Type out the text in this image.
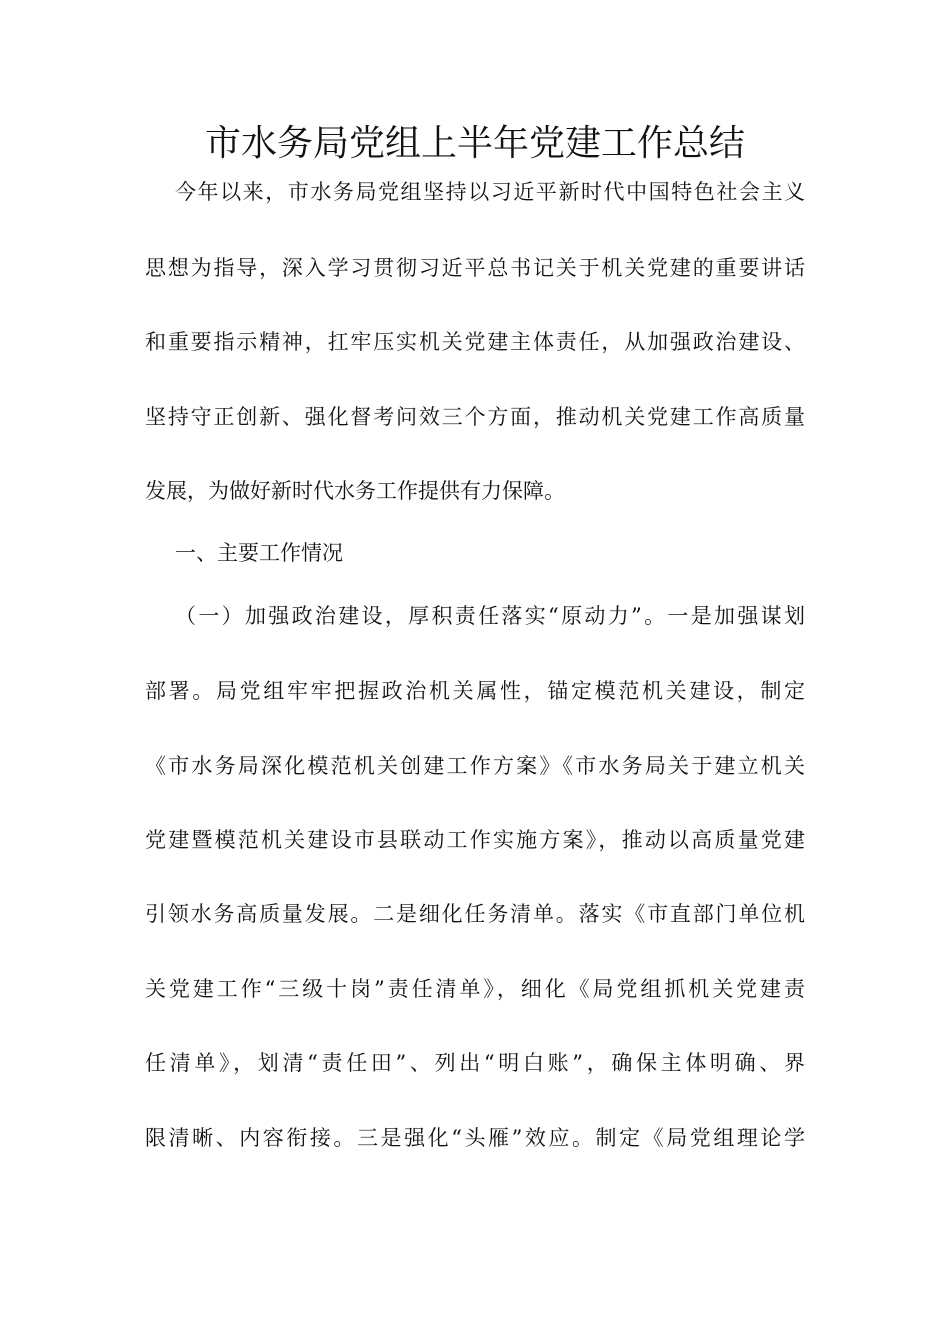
市水务局党组上半年党建工作总结
今年以来，市水务局党组坚持以习近平新时代中国特色社会主义
思想为指导，深入学习贯彻习近平总书记关于机关党建的重要讲话
和重要指示精神，扛牢压实机关党建主体责任，从加强政治建设、
坚持守正创新、强化督考问效三个方面，推动机关党建工作高质量
发展，为做好新时代水务工作提供有力保障。
一、主要工作情况
（一）加强政治建设，厚积责任落实“原动力”。一是加强谋划
部署。局党组牢牢把握政治机关属性，锚定模范机关建设，制定
《市水务局深化模范机关创建工作方案》《市水务局关于建立机关
党建暨模范机关建设市县联动工作实施方案》，推动以高质量党建
引领水务高质量发展。二是细化任务清单。落实《市直部门单位机
关党建工作“三级十岗”责任清单》，细化《局党组抓机关党建责
任清单》，划清“责任田”、列出“明白账”，确保主体明确、界
限清晰、内容衔接。三是强化“头雁”效应。制定《局党组理论学
